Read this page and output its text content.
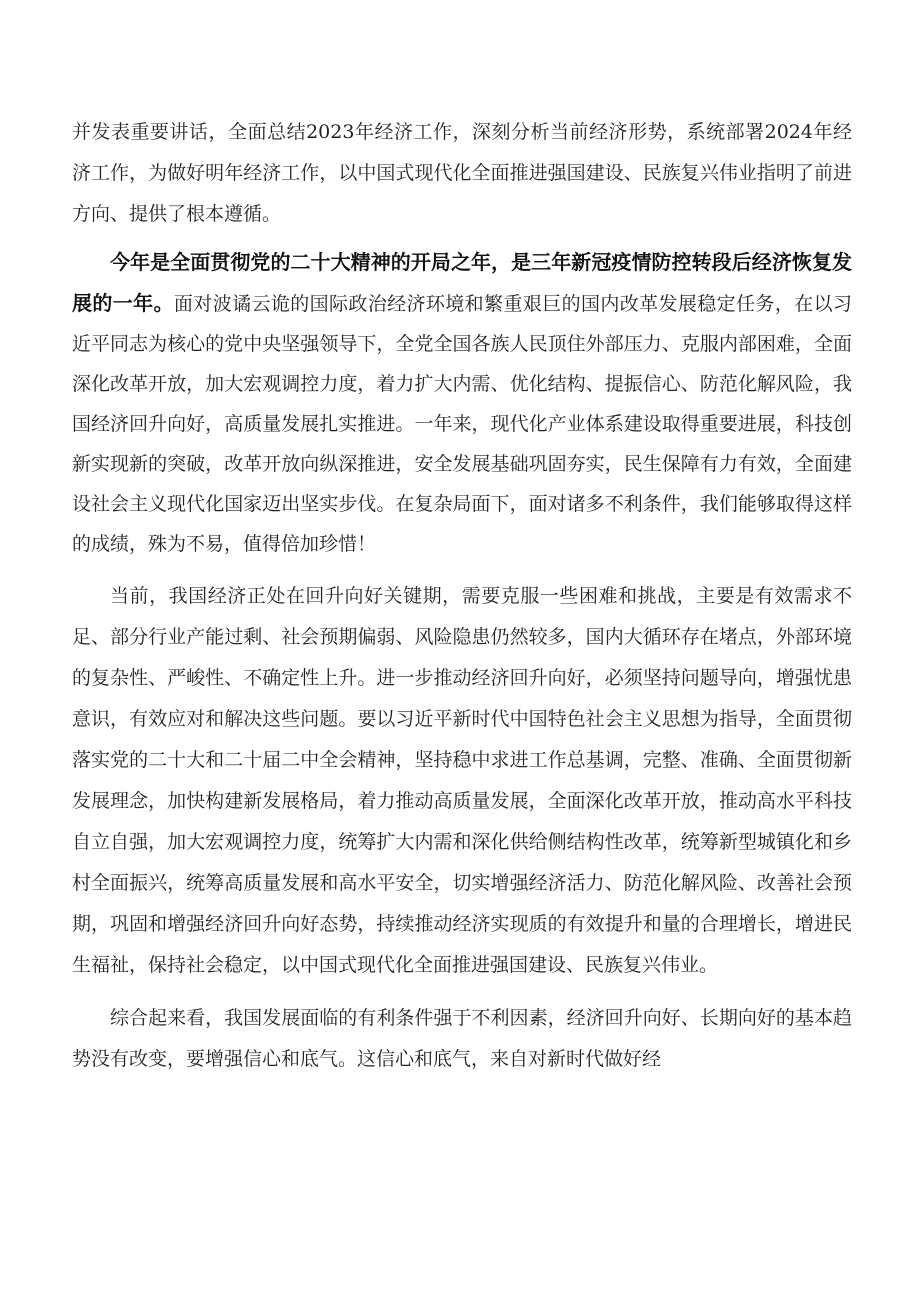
并发表重要讲话，全面总结2023年经济工作，深刻分析当前经济形势，系统部署2024年经济工作，为做好明年经济工作，以中国式现代化全面推进强国建设、民族复兴伟业指明了前进方向、提供了根本遵循。

今年是全面贯彻党的二十大精神的开局之年，是三年新冠疫情防控转段后经济恢复发展的一年。面对波谲云诡的国际政治经济环境和繁重艰巨的国内改革发展稳定任务，在以习近平同志为核心的党中央坚强领导下，全党全国各族人民顶住外部压力、克服内部困难，全面深化改革开放，加大宏观调控力度，着力扩大内需、优化结构、提振信心、防范化解风险，我国经济回升向好，高质量发展扎实推进。一年来，现代化产业体系建设取得重要进展，科技创新实现新的突破，改革开放向纵深推进，安全发展基础巩固夯实，民生保障有力有效，全面建设社会主义现代化国家迈出坚实步伐。在复杂局面下，面对诸多不利条件，我们能够取得这样的成绩，殊为不易，值得倍加珍惜！

当前，我国经济正处在回升向好关键期，需要克服一些困难和挑战，主要是有效需求不足、部分行业产能过剩、社会预期偏弱、风险隐患仍然较多，国内大循环存在堵点，外部环境的复杂性、严峻性、不确定性上升。进一步推动经济回升向好，必须坚持问题导向，增强忧患意识，有效应对和解决这些问题。要以习近平新时代中国特色社会主义思想为指导，全面贯彻落实党的二十大和二十届二中全会精神，坚持稳中求进工作总基调，完整、准确、全面贯彻新发展理念，加快构建新发展格局，着力推动高质量发展，全面深化改革开放，推动高水平科技自立自强，加大宏观调控力度，统筹扩大内需和深化供给侧结构性改革，统筹新型城镇化和乡村全面振兴，统筹高质量发展和高水平安全，切实增强经济活力、防范化解风险、改善社会预期，巩固和增强经济回升向好态势，持续推动经济实现质的有效提升和量的合理增长，增进民生福祉，保持社会稳定，以中国式现代化全面推进强国建设、民族复兴伟业。

综合起来看，我国发展面临的有利条件强于不利因素，经济回升向好、长期向好的基本趋势没有改变，要增强信心和底气。这信心和底气，来自对新时代做好经
